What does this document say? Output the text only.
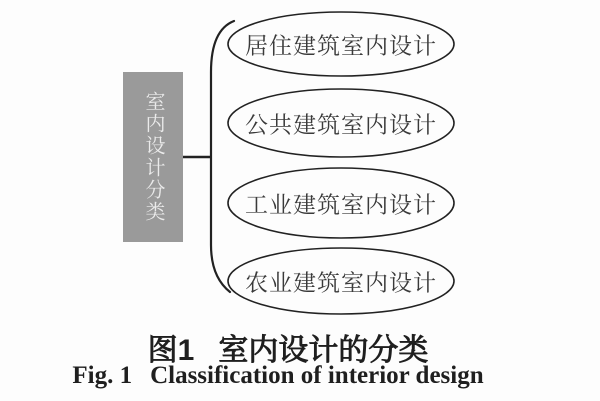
室内设计分类
居住建筑室内设计
公共建筑室内设计
工业建筑室内设计
农业建筑室内设计
图1 室内设计的分类
Fig. 1 Classification of interior design
